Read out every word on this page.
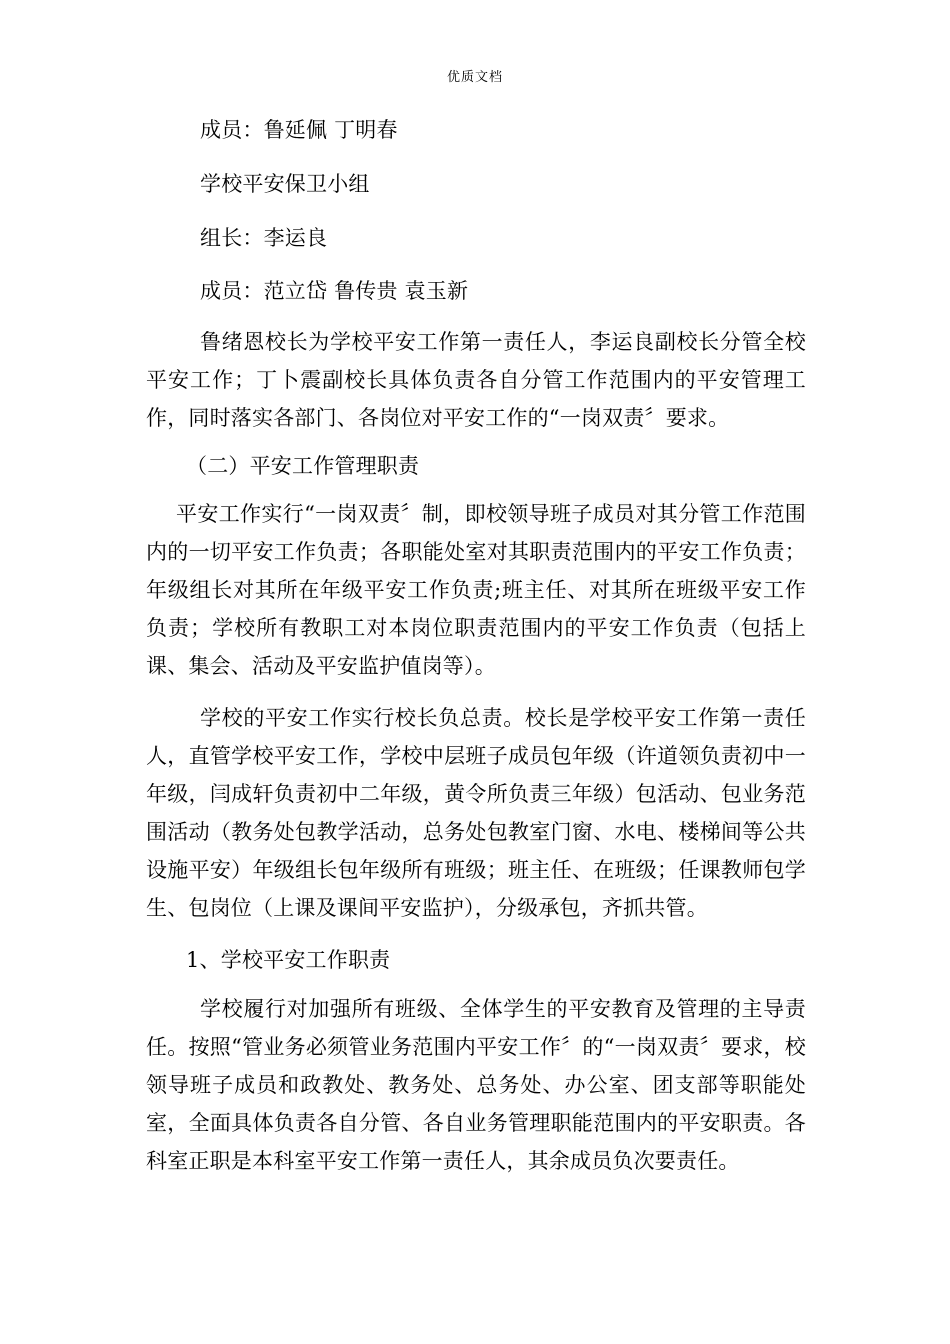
优质文档

成员：鲁延佩 丁明春

学校平安保卫小组

组长：李运良

成员：范立岱 鲁传贵 袁玉新

鲁绪恩校长为学校平安工作第一责任人，李运良副校长分管全校平安工作；丁卜震副校长具体负责各自分管工作范围内的平安管理工作，同时落实各部门、各岗位对平安工作的“一岗双责〞要求。

（二）平安工作管理职责

平安工作实行“一岗双责〞制，即校领导班子成员对其分管工作范围内的一切平安工作负责；各职能处室对其职责范围内的平安工作负责；年级组长对其所在年级平安工作负责;班主任、对其所在班级平安工作负责；学校所有教职工对本岗位职责范围内的平安工作负责（包括上课、集会、活动及平安监护值岗等）。

学校的平安工作实行校长负总责。校长是学校平安工作第一责任人，直管学校平安工作，学校中层班子成员包年级（许道领负责初中一年级，闫成轩负责初中二年级，黄令所负责三年级）包活动、包业务范围活动（教务处包教学活动，总务处包教室门窗、水电、楼梯间等公共设施平安）年级组长包年级所有班级；班主任、在班级；任课教师包学生、包岗位（上课及课间平安监护），分级承包，齐抓共管。

1、学校平安工作职责

学校履行对加强所有班级、全体学生的平安教育及管理的主导责任。按照“管业务必须管业务范围内平安工作〞的“一岗双责〞要求，校领导班子成员和政教处、教务处、总务处、办公室、团支部等职能处室，全面具体负责各自分管、各自业务管理职能范围内的平安职责。各科室正职是本科室平安工作第一责任人，其余成员负次要责任。
